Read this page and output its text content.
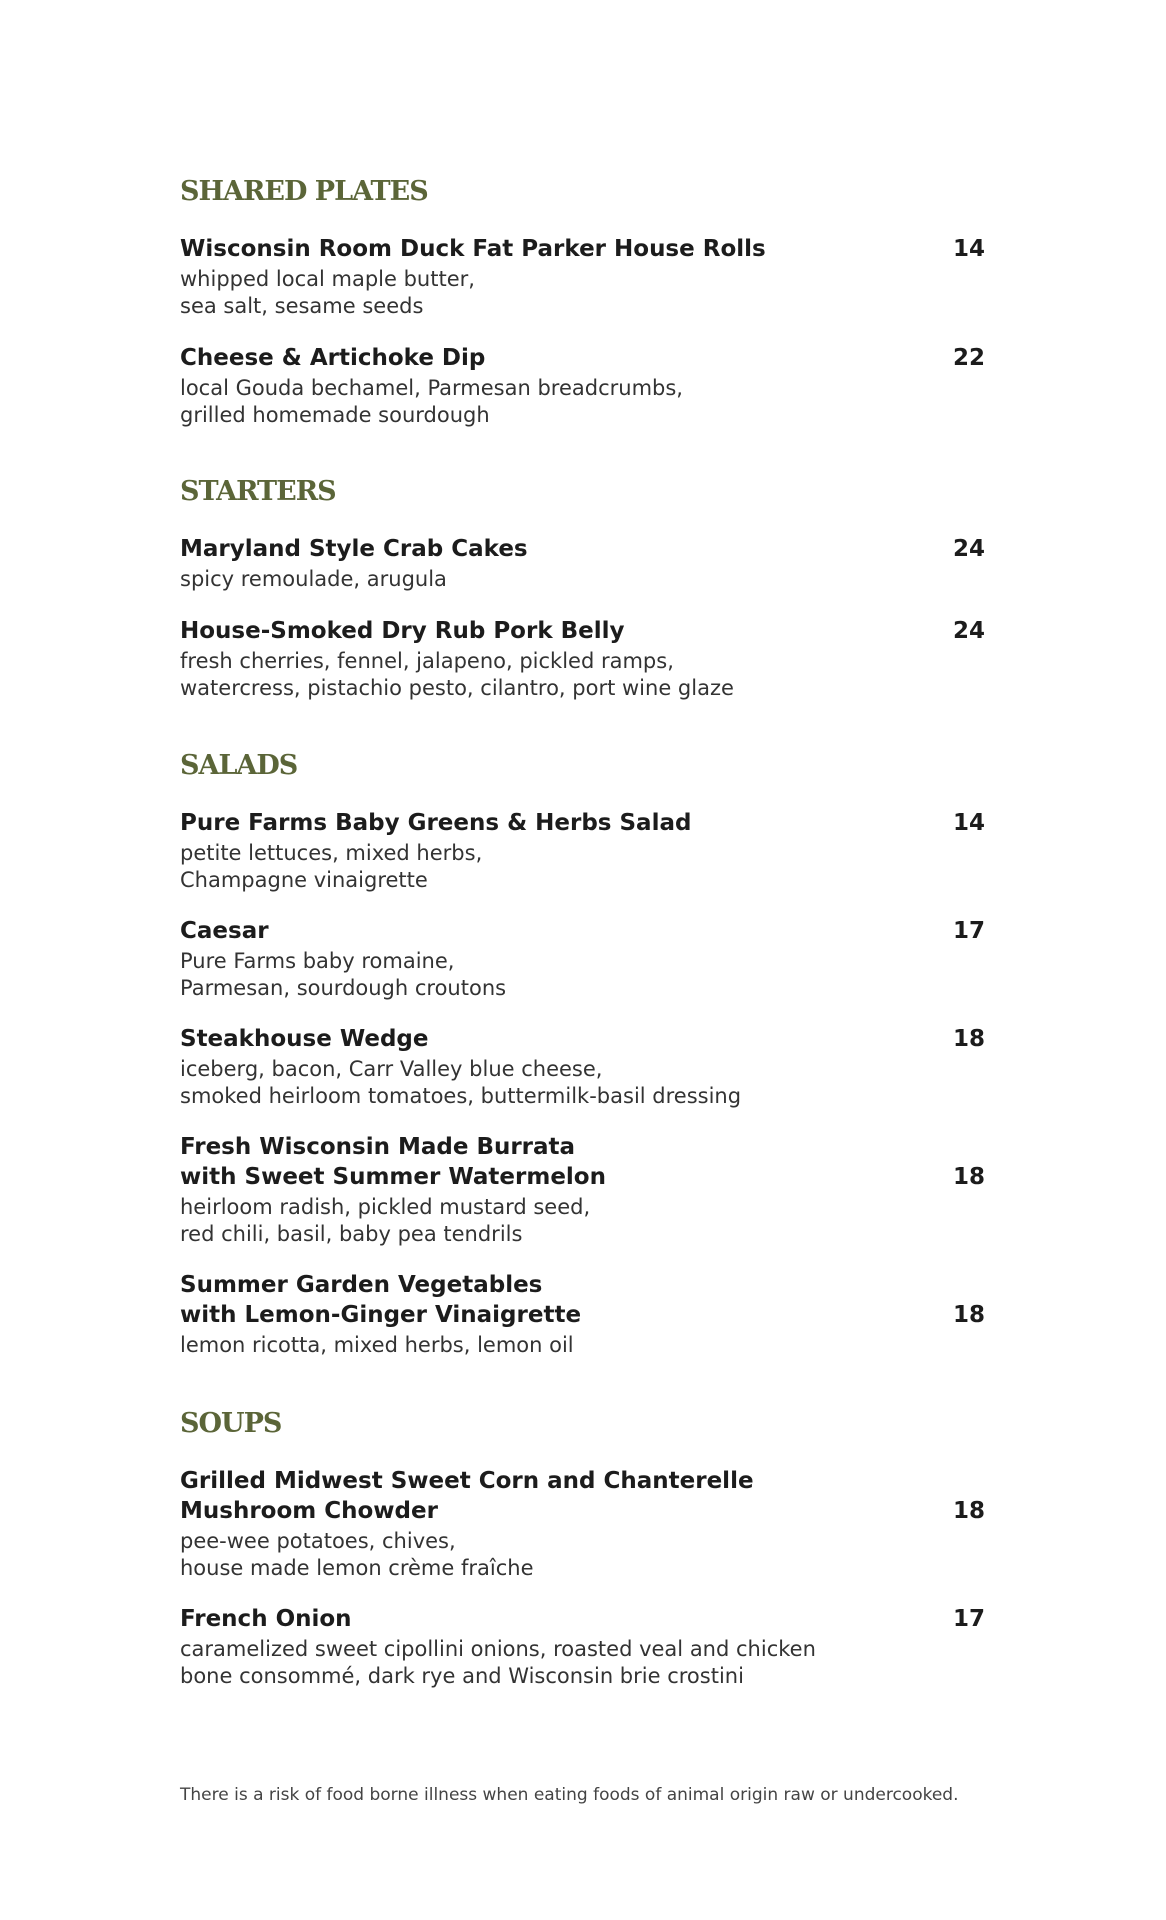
SHARED PLATES
Wisconsin Room Duck Fat Parker House Rolls	14
whipped local maple butter,
sea salt, sesame seeds
Cheese & Artichoke Dip	22
local Gouda bechamel, Parmesan breadcrumbs,
grilled homemade sourdough
STARTERS
Maryland Style Crab Cakes	24
spicy remoulade, arugula
House-Smoked Dry Rub Pork Belly	24
fresh cherries, fennel, jalapeno, pickled ramps,
watercress, pistachio pesto, cilantro, port wine glaze
SALADS
Pure Farms Baby Greens & Herbs Salad	14
petite lettuces, mixed herbs,
Champagne vinaigrette
Caesar	17
Pure Farms baby romaine,
Parmesan, sourdough croutons
Steakhouse Wedge	18
iceberg, bacon, Carr Valley blue cheese,
smoked heirloom tomatoes, buttermilk-basil dressing
Fresh Wisconsin Made Burrata
with Sweet Summer Watermelon	18
heirloom radish, pickled mustard seed,
red chili, basil, baby pea tendrils
Summer Garden Vegetables
with Lemon-Ginger Vinaigrette	18
lemon ricotta, mixed herbs, lemon oil
SOUPS
Grilled Midwest Sweet Corn and Chanterelle
Mushroom Chowder	18
pee-wee potatoes, chives,
house made lemon crème fraîche
French Onion	17
caramelized sweet cipollini onions, roasted veal and chicken
bone consommé, dark rye and Wisconsin brie crostini
There is a risk of food borne illness when eating foods of animal origin raw or undercooked.
